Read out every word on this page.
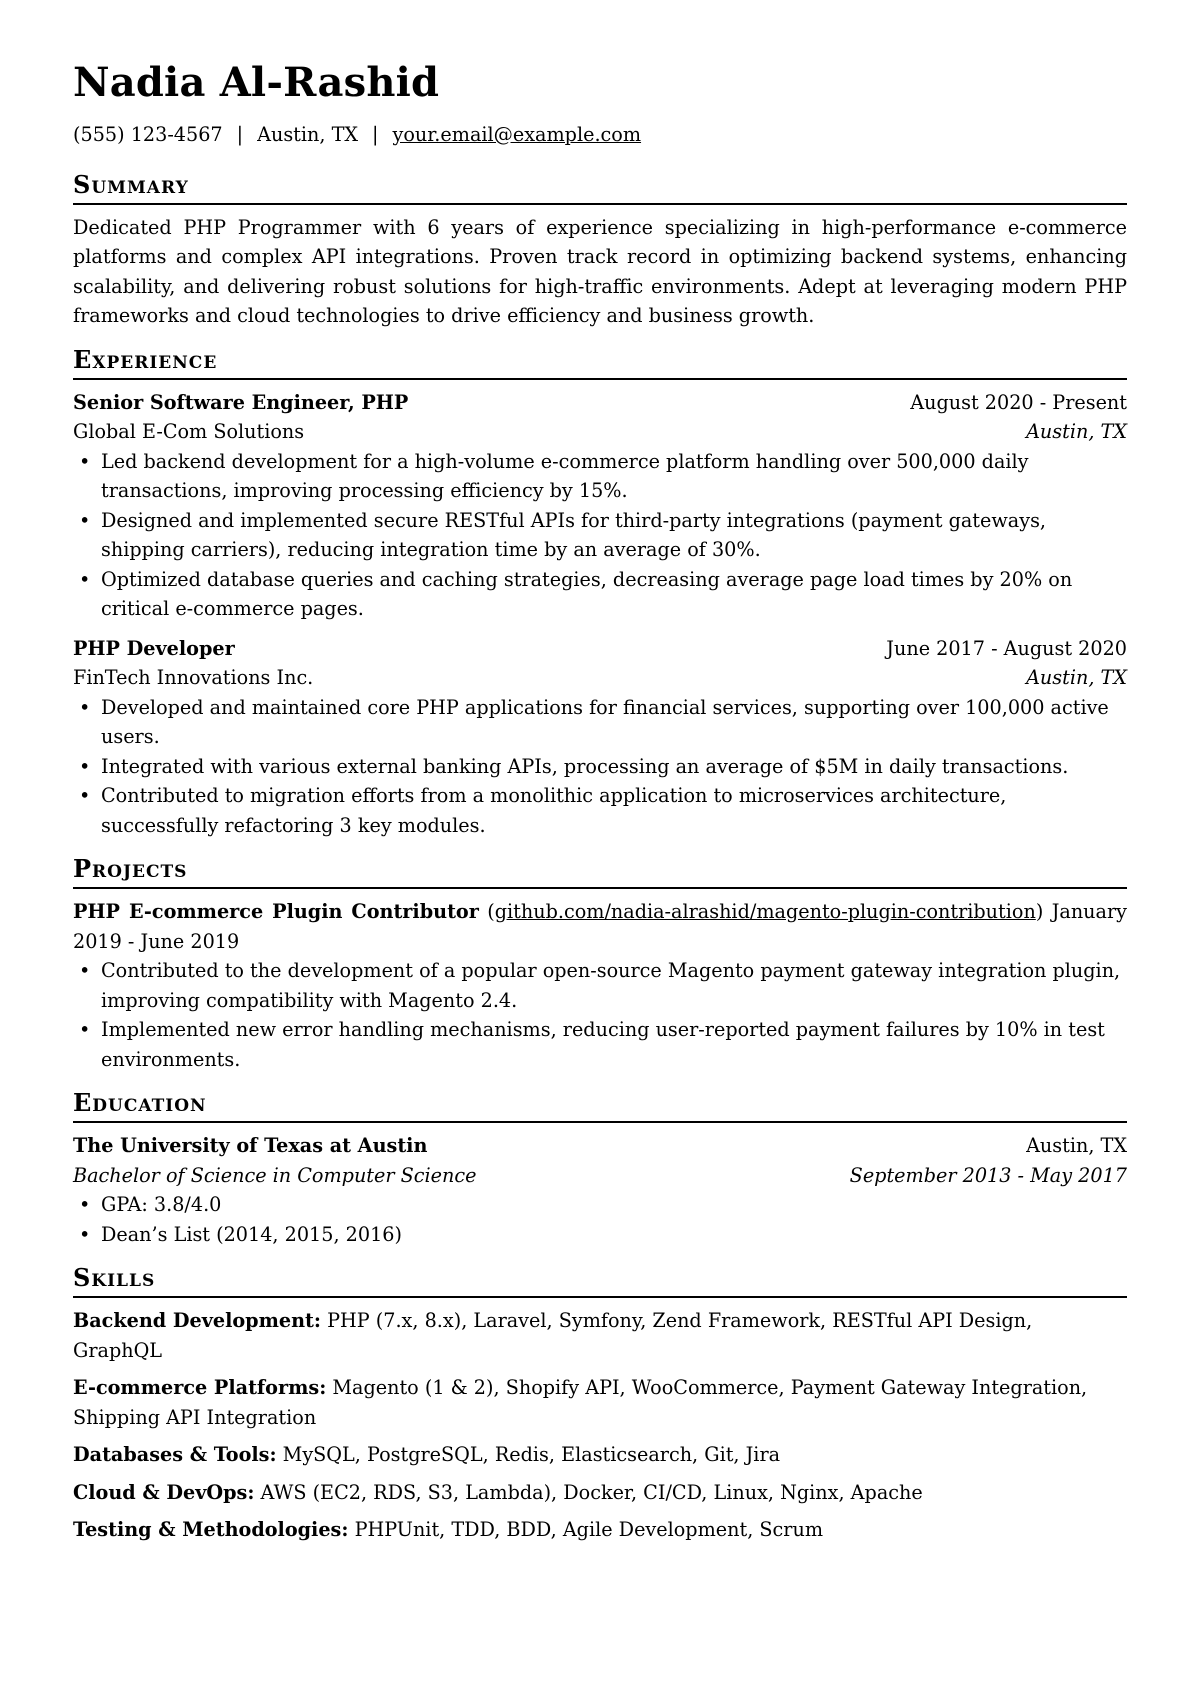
Nadia Al-Rashid
(555) 123-4567 | Austin, TX | your.email@example.com
Summary

Dedicated PHP Programmer with 6 years of experience specializing in high-performance e-commerce platforms and complex API integrations. Proven track record in optimizing backend systems, enhancing scalability, and delivering robust solutions for high-traffic environments. Adept at leveraging modern PHP frameworks and cloud technologies to drive efficiency and business growth.

Experience
Senior Software Engineer, PHP	August 2020 - Present
Global E-Com Solutions	Austin, TX
• Led backend development for a high-volume e-commerce platform handling over 500,000 daily transactions, improving processing efficiency by 15%.
• Designed and implemented secure RESTful APIs for third-party integrations (payment gateways, shipping carriers), reducing integration time by an average of 30%.
• Optimized database queries and caching strategies, decreasing average page load times by 20% on critical e-commerce pages.
PHP Developer	June 2017 - August 2020
FinTech Innovations Inc.	Austin, TX
• Developed and maintained core PHP applications for financial services, supporting over 100,000 active users.
• Integrated with various external banking APIs, processing an average of $5M in daily transactions.
• Contributed to migration efforts from a monolithic application to microservices architecture, successfully refactoring 3 key modules.
Projects

PHP E-commerce Plugin Contributor (github.com/nadia-alrashid/magento-plugin-contribution) January 2019 - June 2019

• Contributed to the development of a popular open-source Magento payment gateway integration plugin, improving compatibility with Magento 2.4.
• Implemented new error handling mechanisms, reducing user-reported payment failures by 10% in test environments.
Education
The University of Texas at Austin	Austin, TX
Bachelor of Science in Computer Science	September 2013 - May 2017
• GPA: 3.8/4.0
• Dean’s List (2014, 2015, 2016)
Skills

Backend Development: PHP (7.x, 8.x), Laravel, Symfony, Zend Framework, RESTful API Design, GraphQL

E-commerce Platforms: Magento (1 & 2), Shopify API, WooCommerce, Payment Gateway Integration, Shipping API Integration

Databases & Tools: MySQL, PostgreSQL, Redis, Elasticsearch, Git, Jira

Cloud & DevOps: AWS (EC2, RDS, S3, Lambda), Docker, CI/CD, Linux, Nginx, Apache

Testing & Methodologies: PHPUnit, TDD, BDD, Agile Development, Scrum
